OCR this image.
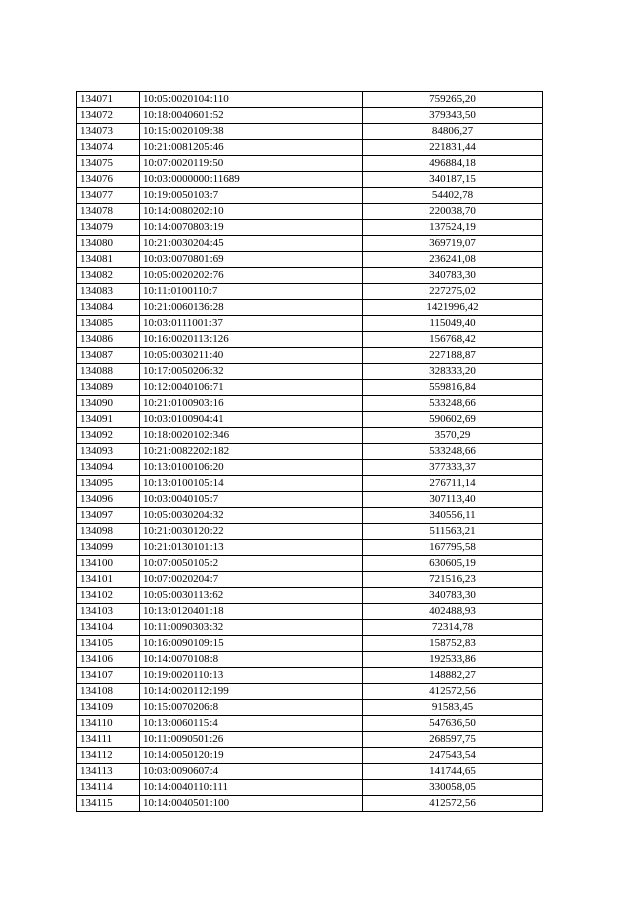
134071	10:05:0020104:110	759265,20
134072	10:18:0040601:52	379343,50
134073	10:15:0020109:38	84806,27
134074	10:21:0081205:46	221831,44
134075	10:07:0020119:50	496884,18
134076	10:03:0000000:11689	340187,15
134077	10:19:0050103:7	54402,78
134078	10:14:0080202:10	220038,70
134079	10:14:0070803:19	137524,19
134080	10:21:0030204:45	369719,07
134081	10:03:0070801:69	236241,08
134082	10:05:0020202:76	340783,30
134083	10:11:0100110:7	227275,02
134084	10:21:0060136:28	1421996,42
134085	10:03:0111001:37	115049,40
134086	10:16:0020113:126	156768,42
134087	10:05:0030211:40	227188,87
134088	10:17:0050206:32	328333,20
134089	10:12:0040106:71	559816,84
134090	10:21:0100903:16	533248,66
134091	10:03:0100904:41	590602,69
134092	10:18:0020102:346	3570,29
134093	10:21:0082202:182	533248,66
134094	10:13:0100106:20	377333,37
134095	10:13:0100105:14	276711,14
134096	10:03:0040105:7	307113,40
134097	10:05:0030204:32	340556,11
134098	10:21:0030120:22	511563,21
134099	10:21:0130101:13	167795,58
134100	10:07:0050105:2	630605,19
134101	10:07:0020204:7	721516,23
134102	10:05:0030113:62	340783,30
134103	10:13:0120401:18	402488,93
134104	10:11:0090303:32	72314,78
134105	10:16:0090109:15	158752,83
134106	10:14:0070108:8	192533,86
134107	10:19:0020110:13	148882,27
134108	10:14:0020112:199	412572,56
134109	10:15:0070206:8	91583,45
134110	10:13:0060115:4	547636,50
134111	10:11:0090501:26	268597,75
134112	10:14:0050120:19	247543,54
134113	10:03:0090607:4	141744,65
134114	10:14:0040110:111	330058,05
134115	10:14:0040501:100	412572,56
